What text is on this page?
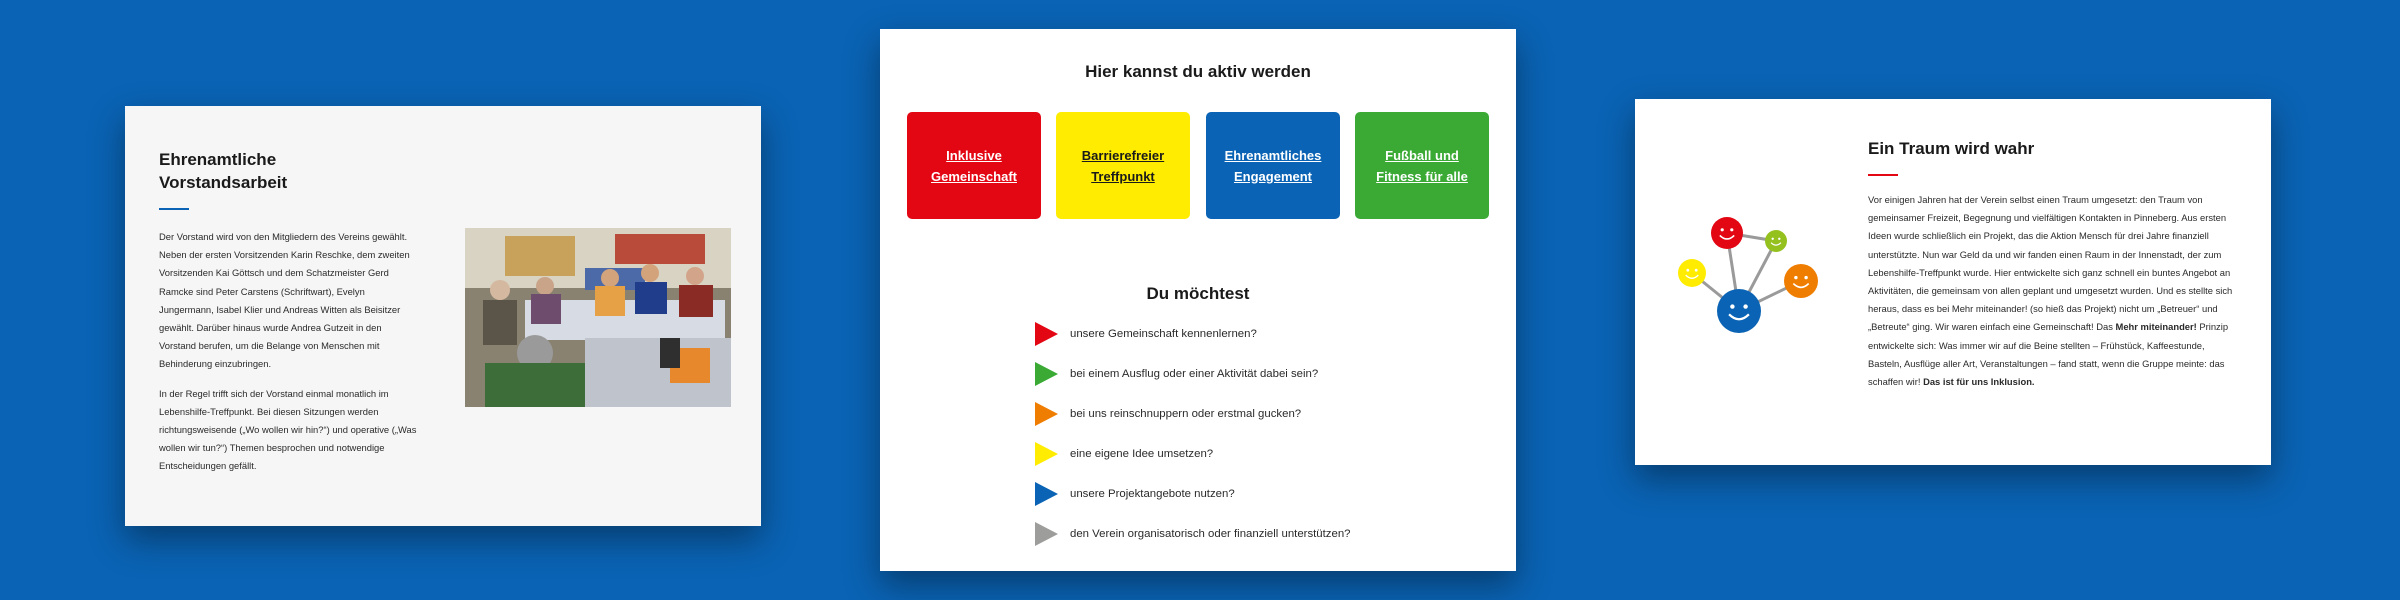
Ehrenamtliche
Vorstandsarbeit

Der Vorstand wird von den Mitgliedern des Vereins gewählt. Neben der ersten Vorsitzenden Karin Reschke, dem zweiten Vorsitzenden Kai Göttsch und dem Schatzmeister Gerd Ramcke sind Peter Carstens (Schriftwart), Evelyn Jungermann, Isabel Klier und Andreas Witten als Beisitzer gewählt. Darüber hinaus wurde Andrea Gutzeit in den Vorstand berufen, um die Belange von Menschen mit Behinderung einzubringen.

In der Regel trifft sich der Vorstand einmal monatlich im Lebenshilfe-Treffpunkt. Bei diesen Sitzungen werden richtungsweisende („Wo wollen wir hin?“) und operative („Was wollen wir tun?“) Themen besprochen und notwendige Entscheidungen gefällt.

Hier kannst du aktiv werden
Inklusive
Gemeinschaft
Barrierefreier
Treffpunkt
Ehrenamtliches
Engagement
Fußball und
Fitness für alle
Du möchtest
unsere Gemeinschaft kennenlernen?
bei einem Ausflug oder einer Aktivität dabei sein?
bei uns reinschnuppern oder erstmal gucken?
eine eigene Idee umsetzen?
unsere Projektangebote nutzen?
den Verein organisatorisch oder finanziell unterstützen?
Ein Traum wird wahr
Vor einigen Jahren hat der Verein selbst einen Traum umgesetzt: den Traum von gemeinsamer Freizeit, Begegnung und vielfältigen Kontakten in Pinneberg. Aus ersten Ideen wurde schließlich ein Projekt, das die Aktion Mensch für drei Jahre finanziell unterstützte. Nun war Geld da und wir fanden einen Raum in der Innenstadt, der zum Lebenshilfe-Treffpunkt wurde. Hier entwickelte sich ganz schnell ein buntes Angebot an Aktivitäten, die gemeinsam von allen geplant und umgesetzt wurden. Und es stellte sich heraus, dass es bei Mehr miteinander! (so hieß das Projekt) nicht um „Betreuer“ und „Betreute“ ging. Wir waren einfach eine Gemeinschaft! Das Mehr miteinander! Prinzip entwickelte sich: Was immer wir auf die Beine stellten – Frühstück, Kaffeestunde, Basteln, Ausflüge aller Art, Veranstaltungen – fand statt, wenn die Gruppe meinte: das schaffen wir! Das ist für uns Inklusion.
